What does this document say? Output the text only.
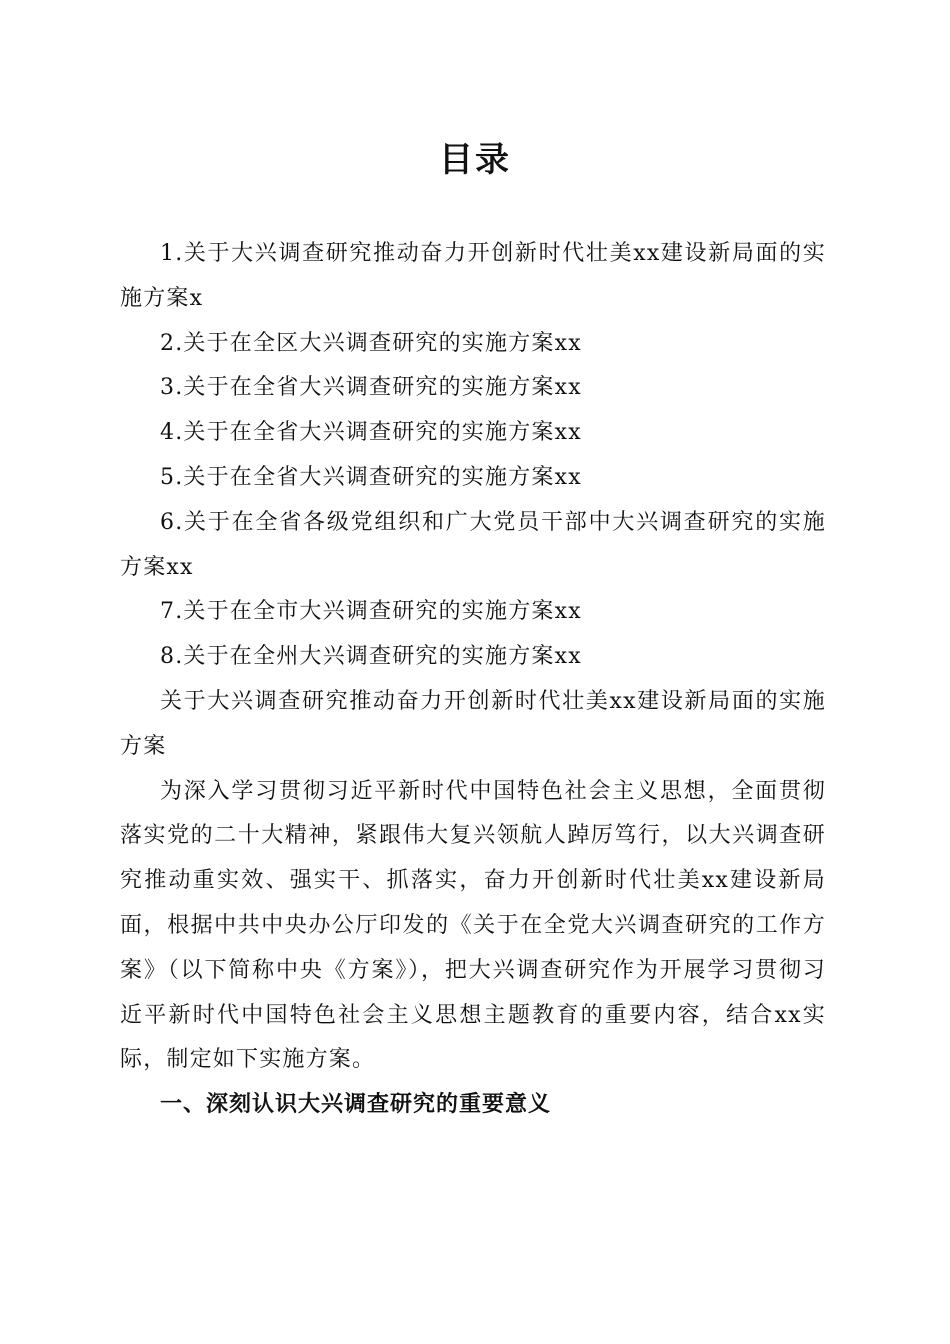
目录

1.关于大兴调查研究推动奋力开创新时代壮美xx建设新局面的实施方案x

2.关于在全区大兴调查研究的实施方案xx

3.关于在全省大兴调查研究的实施方案xx

4.关于在全省大兴调查研究的实施方案xx

5.关于在全省大兴调查研究的实施方案xx

6.关于在全省各级党组织和广大党员干部中大兴调查研究的实施方案xx

7.关于在全市大兴调查研究的实施方案xx

8.关于在全州大兴调查研究的实施方案xx

关于大兴调查研究推动奋力开创新时代壮美xx建设新局面的实施方案

为深入学习贯彻习近平新时代中国特色社会主义思想，全面贯彻落实党的二十大精神，紧跟伟大复兴领航人踔厉笃行，以大兴调查研究推动重实效、强实干、抓落实，奋力开创新时代壮美xx建设新局面，根据中共中央办公厅印发的《关于在全党大兴调查研究的工作方案》（以下简称中央《方案》），把大兴调查研究作为开展学习贯彻习近平新时代中国特色社会主义思想主题教育的重要内容，结合xx实际，制定如下实施方案。

一、深刻认识大兴调查研究的重要意义
